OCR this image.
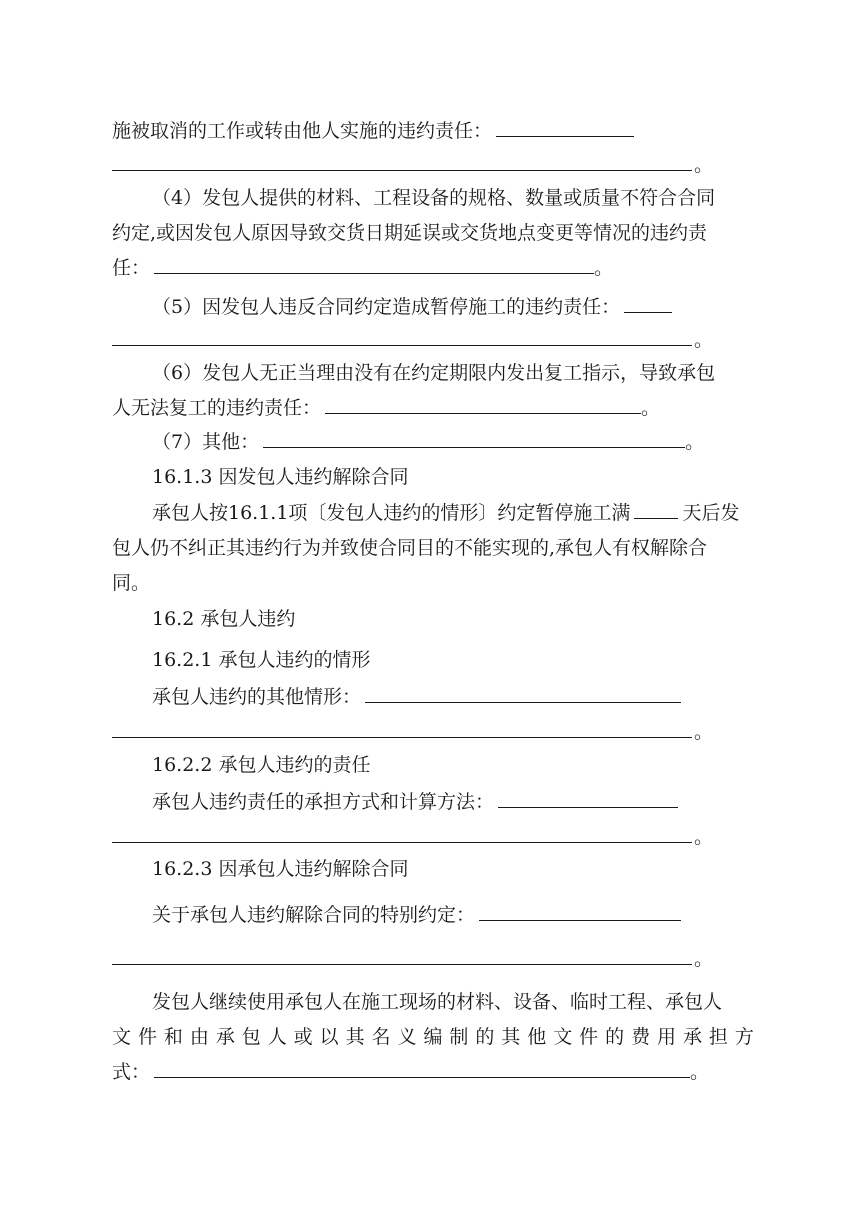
施被取消的工作或转由他人实施的违约责任：
。
（4）发包人提供的材料、工程设备的规格、数量或质量不符合合同
约定,或因发包人原因导致交货日期延误或交货地点变更等情况的违约责
任：	。
（5）因发包人违反合同约定造成暂停施工的违约责任：
。
（6）发包人无正当理由没有在约定期限内发出复工指示，导致承包
人无法复工的违约责任：	。
（7）其他：	。
16.1.3 因发包人违约解除合同
承包人按16.1.1项〔发包人违约的情形〕约定暂停施工满	天后发
包人仍不纠正其违约行为并致使合同目的不能实现的,承包人有权解除合
同。
16.2 承包人违约
16.2.1 承包人违约的情形
承包人违约的其他情形：
。
16.2.2 承包人违约的责任
承包人违约责任的承担方式和计算方法：
。
16.2.3 因承包人违约解除合同
关于承包人违约解除合同的特别约定：
。
发包人继续使用承包人在施工现场的材料、设备、临时工程、承包人
文 件 和 由 承 包 人 或 以 其 名 义 编 制 的 其 他 文 件 的 费 用 承 担 方
式：	。
